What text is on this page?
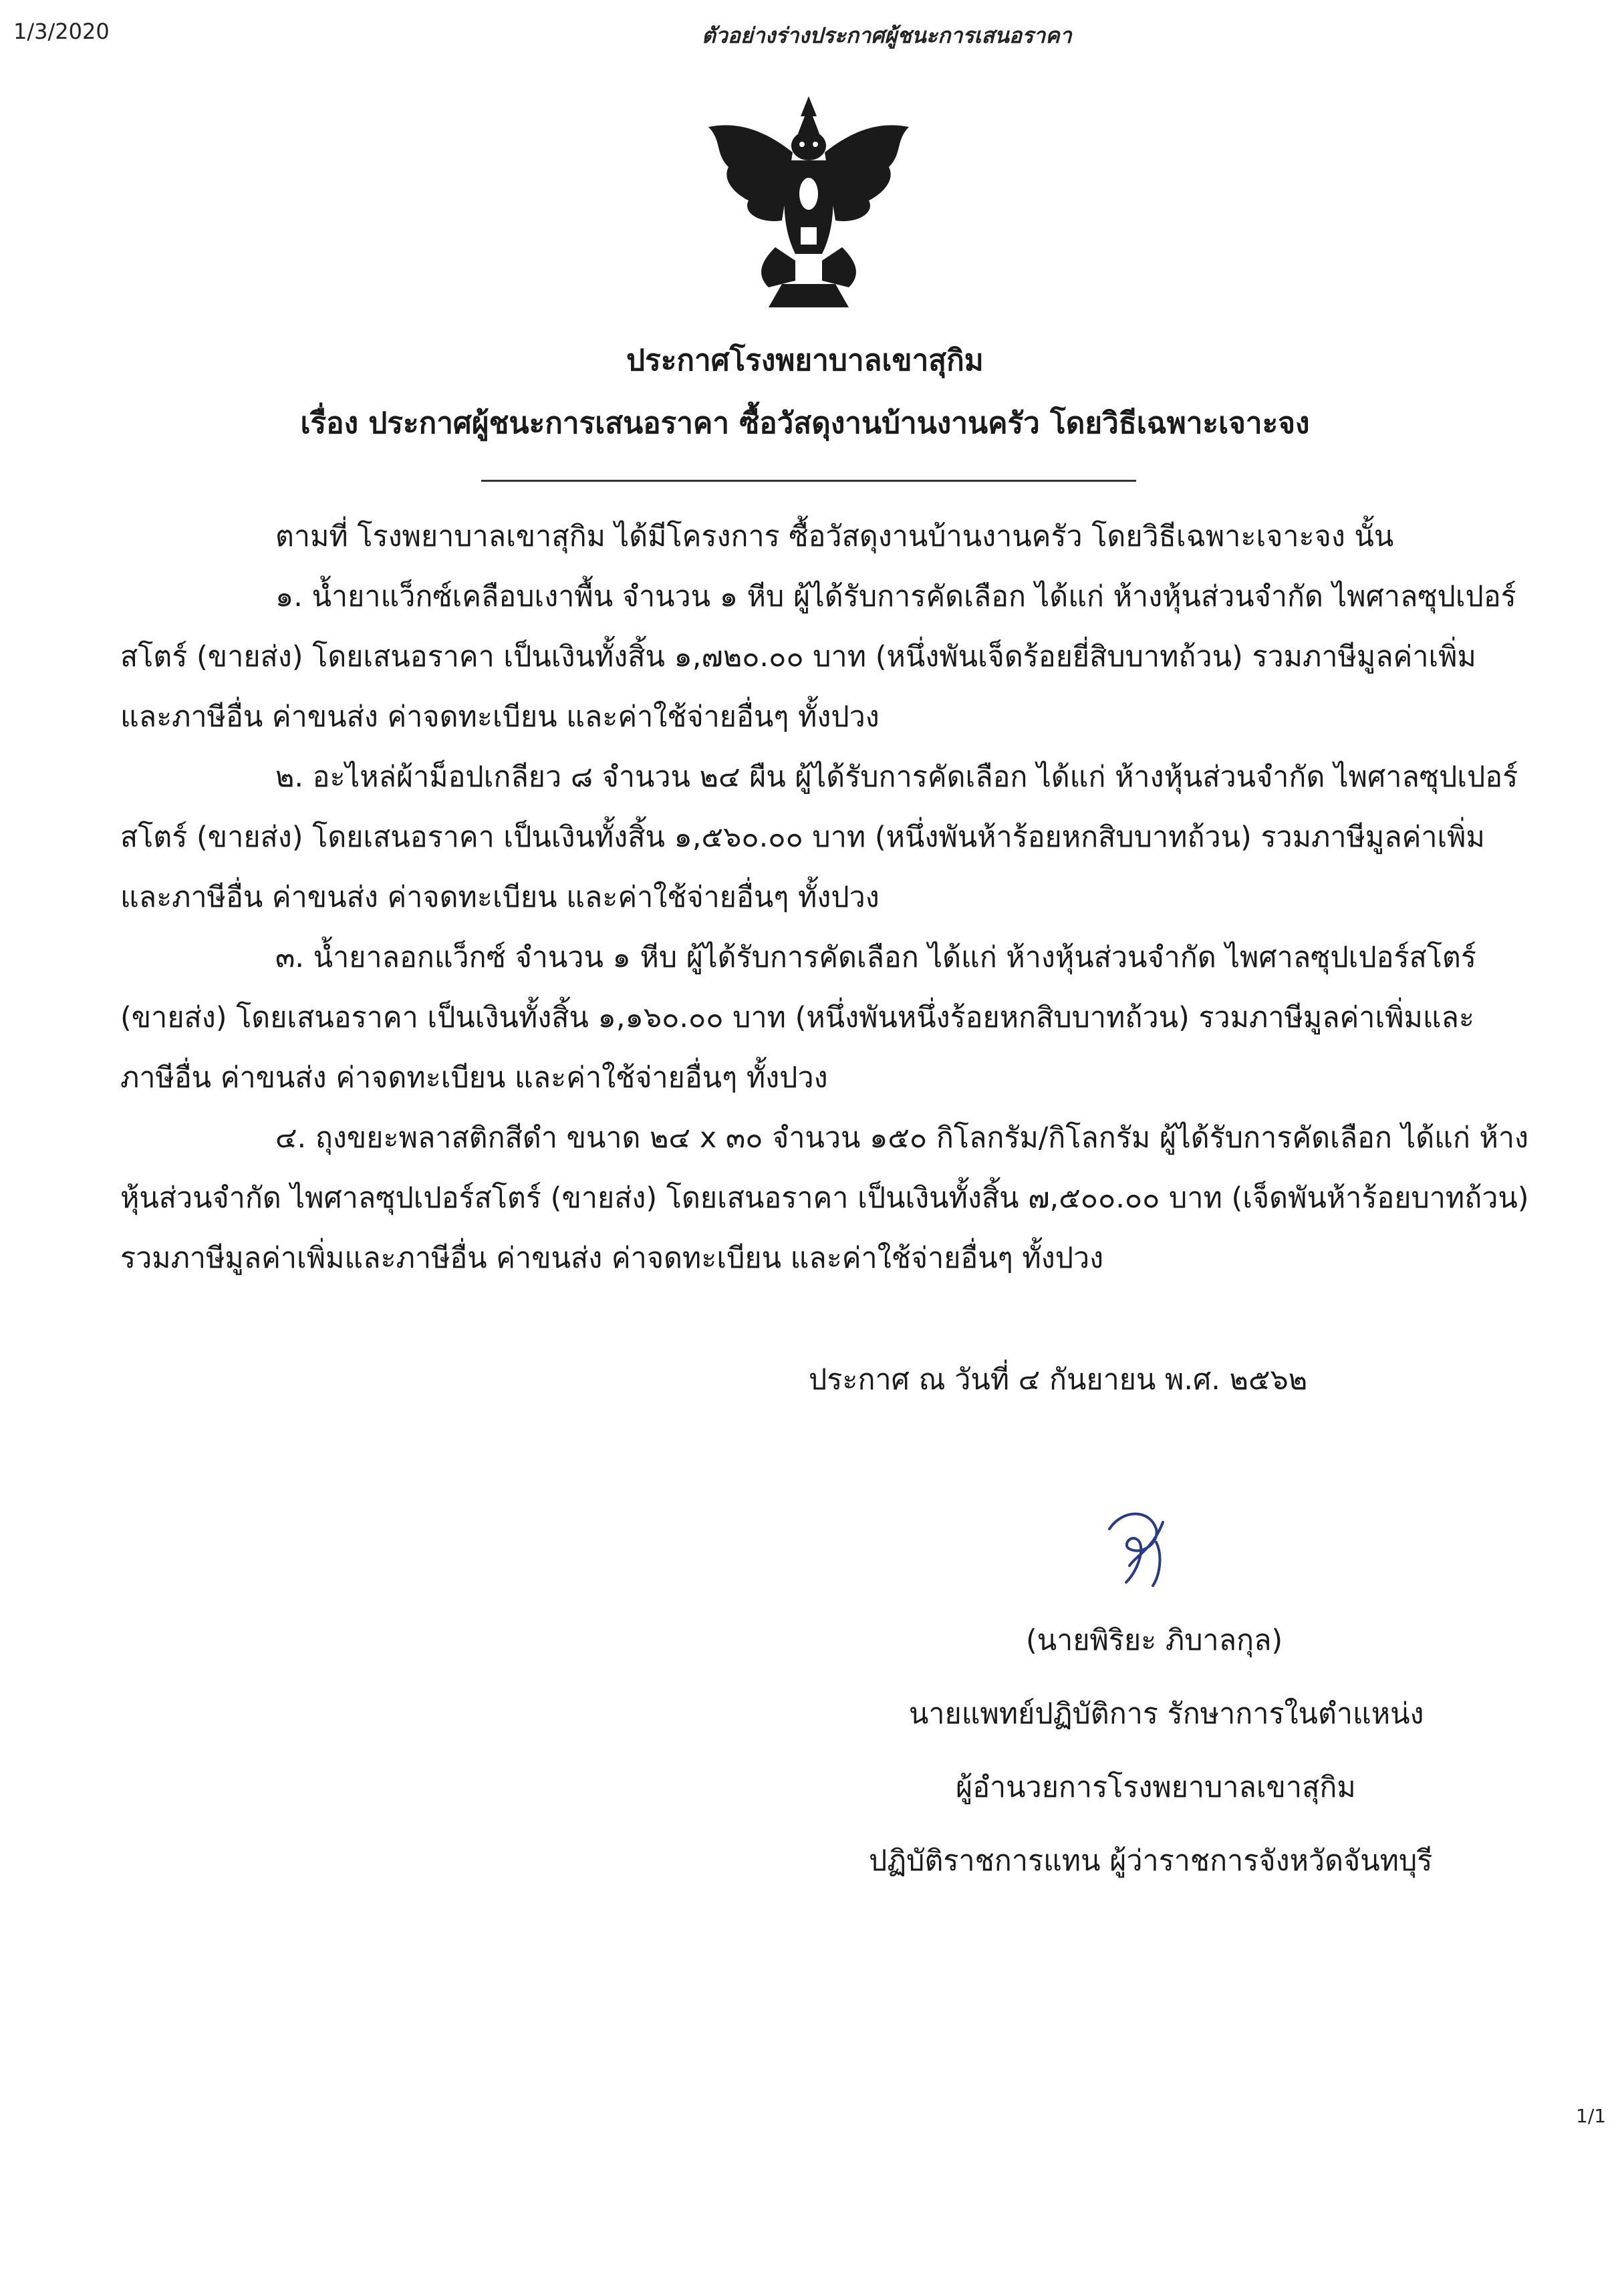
1/3/2020	ตัวอย่างร่างประกาศผู้ชนะการเสนอราคา
ประกาศโรงพยาบาลเขาสุกิม
เรื่อง ประกาศผู้ชนะการเสนอราคา ซื้อวัสดุงานบ้านงานครัว โดยวิธีเฉพาะเจาะจง
ตามที่ โรงพยาบาลเขาสุกิม ได้มีโครงการ ซื้อวัสดุงานบ้านงานครัว โดยวิธีเฉพาะเจาะจง นั้น
๑. น้ำยาแว็กซ์เคลือบเงาพื้น จำนวน ๑ หีบ ผู้ได้รับการคัดเลือก ได้แก่ ห้างหุ้นส่วนจำกัด ไพศาลซุปเปอร์
สโตร์ (ขายส่ง) โดยเสนอราคา เป็นเงินทั้งสิ้น ๑,๗๒๐.๐๐ บาท (หนึ่งพันเจ็ดร้อยยี่สิบบาทถ้วน) รวมภาษีมูลค่าเพิ่ม
และภาษีอื่น ค่าขนส่ง ค่าจดทะเบียน และค่าใช้จ่ายอื่นๆ ทั้งปวง
๒. อะไหล่ผ้าม็อปเกลียว ๘ จำนวน ๒๔ ผืน ผู้ได้รับการคัดเลือก ได้แก่ ห้างหุ้นส่วนจำกัด ไพศาลซุปเปอร์
สโตร์ (ขายส่ง) โดยเสนอราคา เป็นเงินทั้งสิ้น ๑,๕๖๐.๐๐ บาท (หนึ่งพันห้าร้อยหกสิบบาทถ้วน) รวมภาษีมูลค่าเพิ่ม
และภาษีอื่น ค่าขนส่ง ค่าจดทะเบียน และค่าใช้จ่ายอื่นๆ ทั้งปวง
๓. น้ำยาลอกแว็กซ์ จำนวน ๑ หีบ ผู้ได้รับการคัดเลือก ได้แก่ ห้างหุ้นส่วนจำกัด ไพศาลซุปเปอร์สโตร์
(ขายส่ง) โดยเสนอราคา เป็นเงินทั้งสิ้น ๑,๑๖๐.๐๐ บาท (หนึ่งพันหนึ่งร้อยหกสิบบาทถ้วน) รวมภาษีมูลค่าเพิ่มและ
ภาษีอื่น ค่าขนส่ง ค่าจดทะเบียน และค่าใช้จ่ายอื่นๆ ทั้งปวง
๔. ถุงขยะพลาสติกสีดำ ขนาด ๒๔ x ๓๐ จำนวน ๑๕๐ กิโลกรัม/กิโลกรัม ผู้ได้รับการคัดเลือก ได้แก่ ห้าง
หุ้นส่วนจำกัด ไพศาลซุปเปอร์สโตร์ (ขายส่ง) โดยเสนอราคา เป็นเงินทั้งสิ้น ๗,๕๐๐.๐๐ บาท (เจ็ดพันห้าร้อยบาทถ้วน)
รวมภาษีมูลค่าเพิ่มและภาษีอื่น ค่าขนส่ง ค่าจดทะเบียน และค่าใช้จ่ายอื่นๆ ทั้งปวง
ประกาศ ณ วันที่ ๔ กันยายน พ.ศ. ๒๕๖๒
(นายพิริยะ ภิบาลกุล)
นายแพทย์ปฏิบัติการ รักษาการในตำแหน่ง
ผู้อำนวยการโรงพยาบาลเขาสุกิม
ปฏิบัติราชการแทน ผู้ว่าราชการจังหวัดจันทบุรี
1/1
